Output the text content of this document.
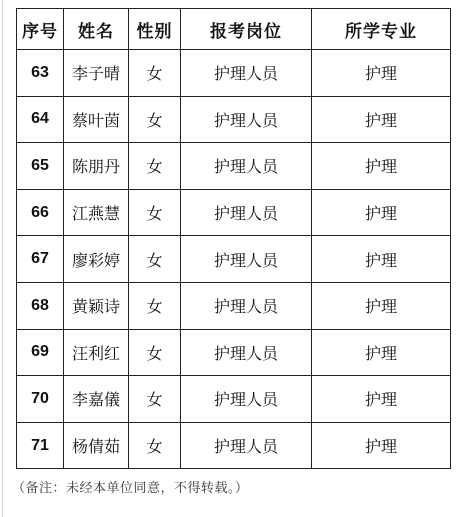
序号	姓名	性别	报考岗位	所学专业
63	李子晴	女	护理人员	护理
64	蔡叶茵	女	护理人员	护理
65	陈朋丹	女	护理人员	护理
66	江燕慧	女	护理人员	护理
67	廖彩婷	女	护理人员	护理
68	黄颖诗	女	护理人员	护理
69	汪利红	女	护理人员	护理
70	李嘉儀	女	护理人员	护理
71	杨倩茹	女	护理人员	护理
（备注：未经本单位同意，不得转载。）
